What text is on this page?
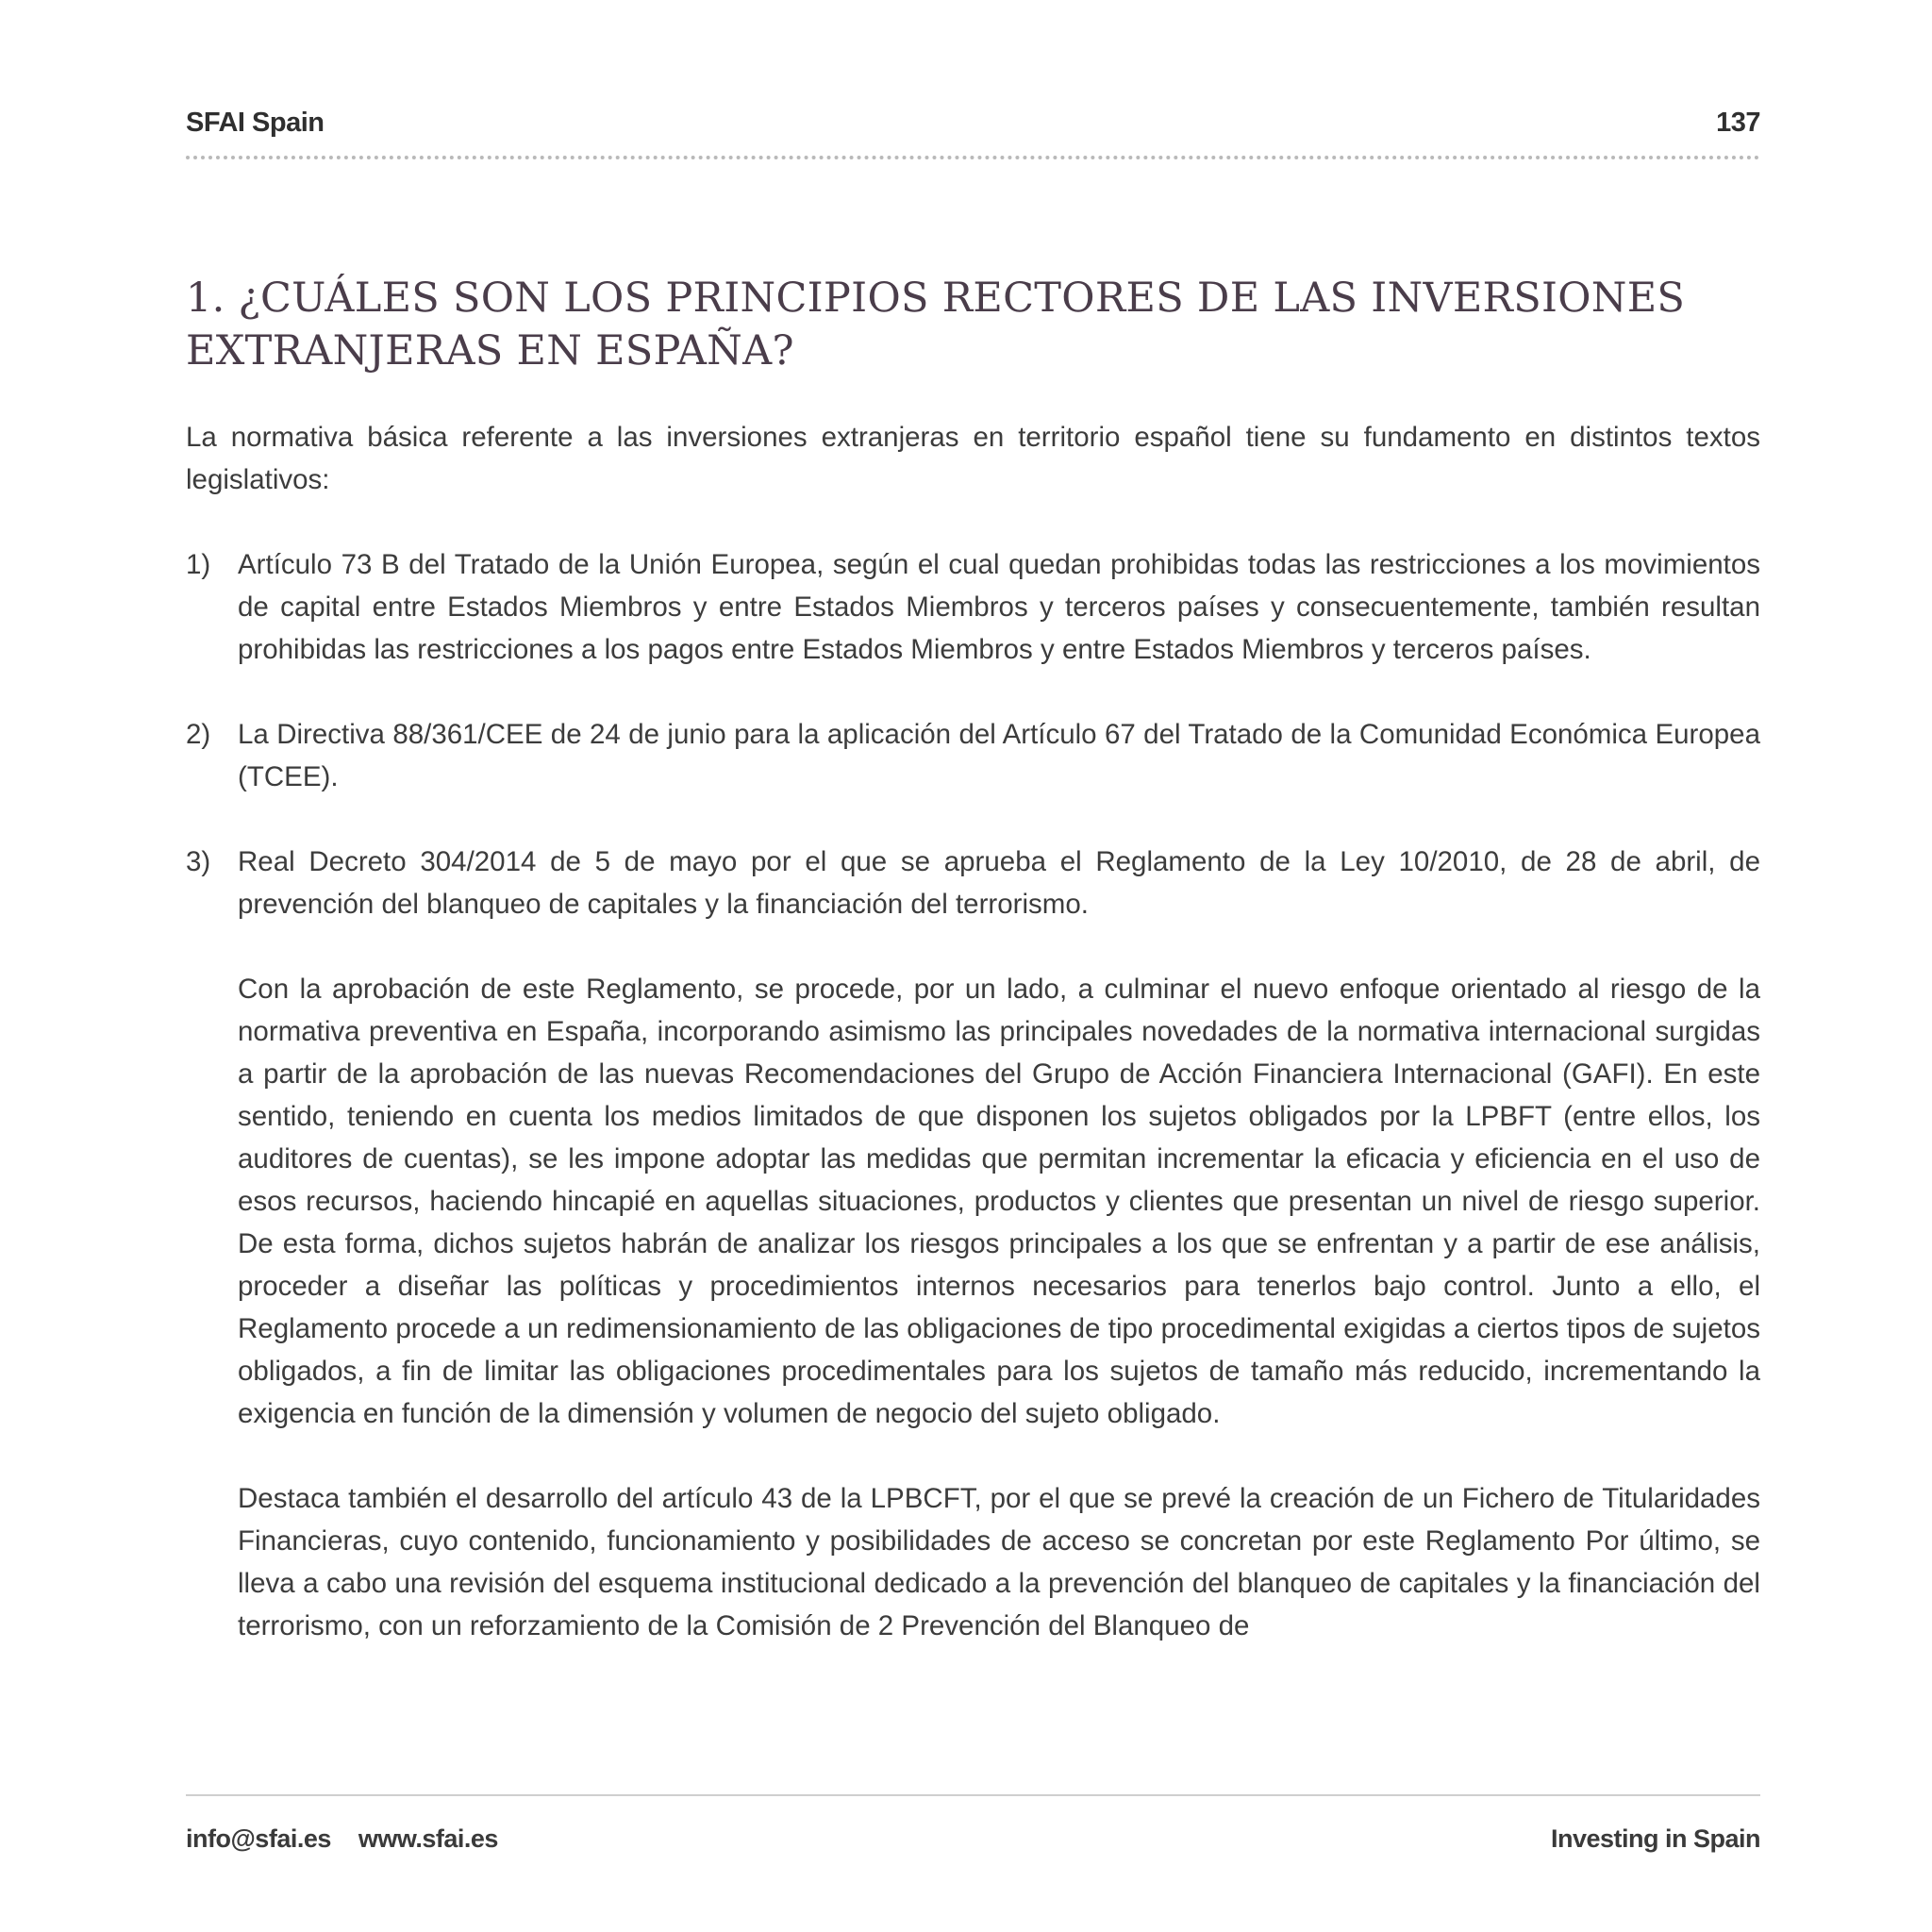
SFAI Spain	137
1. ¿CUÁLES SON LOS PRINCIPIOS RECTORES DE LAS INVERSIONES EXTRANJERAS EN ESPAÑA?

La normativa básica referente a las inversiones extranjeras en territorio español tiene su fundamento en distintos textos legislativos:

1) Artículo 73 B del Tratado de la Unión Europea, según el cual quedan prohibidas todas las restricciones a los movimientos de capital entre Estados Miembros y entre Estados Miembros y terceros países y consecuentemente, también resultan prohibidas las restricciones a los pagos entre Estados Miembros y entre Estados Miembros y terceros países.

2) La Directiva 88/361/CEE de 24 de junio para la aplicación del Artículo 67 del Tratado de la Comunidad Económica Europea (TCEE).

3) Real Decreto 304/2014 de 5 de mayo por el que se aprueba el Reglamento de la Ley 10/2010, de 28 de abril, de prevención del blanqueo de capitales y la financiación del terrorismo.

Con la aprobación de este Reglamento, se procede, por un lado, a culminar el nuevo enfoque orientado al riesgo de la normativa preventiva en España, incorporando asimismo las principales novedades de la normativa internacional surgidas a partir de la aprobación de las nuevas Recomendaciones del Grupo de Acción Financiera Internacional (GAFI). En este sentido, teniendo en cuenta los medios limitados de que disponen los sujetos obligados por la LPBFT (entre ellos, los auditores de cuentas), se les impone adoptar las medidas que permitan incrementar la eficacia y eficiencia en el uso de esos recursos, haciendo hincapié en aquellas situaciones, productos y clientes que presentan un nivel de riesgo superior. De esta forma, dichos sujetos habrán de analizar los riesgos principales a los que se enfrentan y a partir de ese análisis, proceder a diseñar las políticas y procedimientos internos necesarios para tenerlos bajo control. Junto a ello, el Reglamento procede a un redimensionamiento de las obligaciones de tipo procedimental exigidas a ciertos tipos de sujetos obligados, a fin de limitar las obligaciones procedimentales para los sujetos de tamaño más reducido, incrementando la exigencia en función de la dimensión y volumen de negocio del sujeto obligado.

Destaca también el desarrollo del artículo 43 de la LPBCFT, por el que se prevé la creación de un Fichero de Titularidades Financieras, cuyo contenido, funcionamiento y posibilidades de acceso se concretan por este Reglamento Por último, se lleva a cabo una revisión del esquema institucional dedicado a la prevención del blanqueo de capitales y la financiación del terrorismo, con un reforzamiento de la Comisión de 2 Prevención del Blanqueo de

info@sfai.es www.sfai.es	Investing in Spain
